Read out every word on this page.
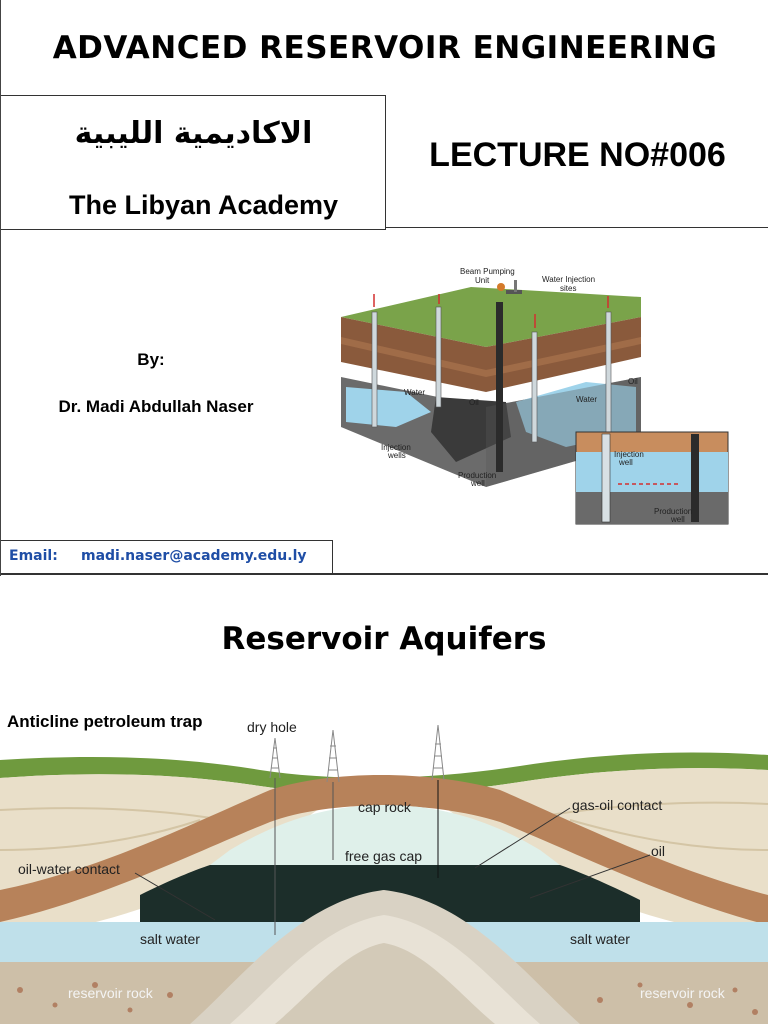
ADVANCED RESERVOIR ENGINEERING
الاكاديمية الليبية
The Libyan Academy
LECTURE NO#006
By:
Dr. Madi Abdullah Naser
Beam Pumping
Unit	Water Injection
sites
Water
Oil	Water
Oil
Injection
wells
Production
well
Injection
well
Production
well
Email: madi.naser@academy.edu.ly
Reservoir Aquifers
dry hole
cap rock	gas-oil contact
oil
free gas cap
oil-water contact
salt water	salt water
reservoir rock	reservoir rock
Anticline petroleum trap
